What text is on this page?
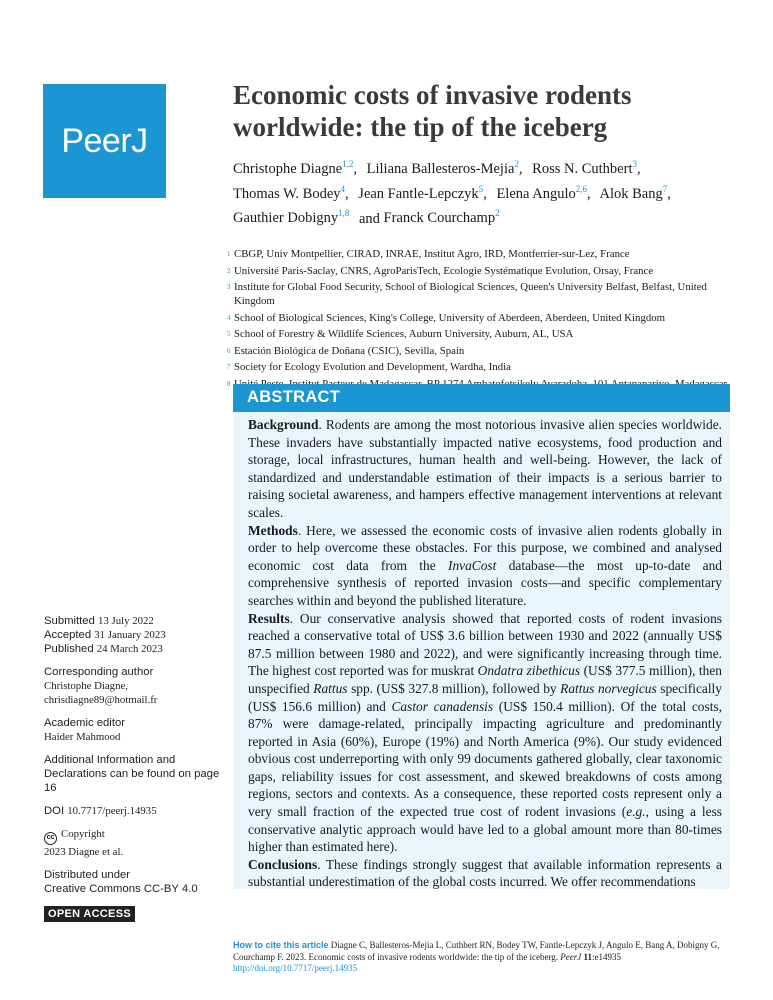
PeerJ
Economic costs of invasive rodents worldwide: the tip of the iceberg
Christophe Diagne$^{1,2}$, Liliana Ballesteros-Mejia$^2$, Ross N. Cuthbert$^3$,
Thomas W. Bodey$^4$, Jean Fantle-Lepczyk$^5$, Elena Angulo$^{2,6}$, Alok Bang$^7$,
Gauthier Dobigny$^{1,8}$ and Franck Courchamp$^2$
1 CBGP, Univ Montpellier, CIRAD, INRAE, Institut Agro, IRD, Montferrier-sur-Lez, France
2 Université Paris-Saclay, CNRS, AgroParisTech, Ecologie Systématique Evolution, Orsay, France
3 Institute for Global Food Security, School of Biological Sciences, Queen's University Belfast, Belfast, United Kingdom
4 School of Biological Sciences, King's College, University of Aberdeen, Aberdeen, United Kingdom
5 School of Forestry & Wildlife Sciences, Auburn University, Auburn, AL, USA
6 Estación Biológica de Doñana (CSIC), Sevilla, Spain
7 Society for Ecology Evolution and Development, Wardha, India
8
ABSTRACT

Background. Rodents are among the most notorious invasive alien species worldwide. These invaders have substantially impacted native ecosystems, food production and storage, local infrastructures, human health and well-being. However, the lack of standardized and understandable estimation of their impacts is a serious barrier to raising societal awareness, and hampers effective management interventions at relevant scales.

Methods. Here, we assessed the economic costs of invasive alien rodents globally in order to help overcome these obstacles. For this purpose, we combined and analysed economic cost data from the InvaCost database—the most up-to-date and comprehensive synthesis of reported invasion costs—and specific complementary searches within and beyond the published literature.

Results. Our conservative analysis showed that reported costs of rodent invasions reached a conservative total of US$ 3.6 billion between 1930 and 2022 (annually US$ 87.5 million between 1980 and 2022), and were significantly increasing through time. The highest cost reported was for muskrat Ondatra zibethicus (US$ 377.5 million), then unspecified Rattus spp. (US$ 327.8 million), followed by Rattus norvegicus specifically (US$ 156.6 million) and Castor canadensis (US$ 150.4 million). Of the total costs, 87% were damage-related, principally impacting agriculture and predominantly reported in Asia (60%), Europe (19%) and North America (9%). Our study evidenced obvious cost underreporting with only 99 documents gathered globally, clear taxonomic gaps, reliability issues for cost assessment, and skewed breakdowns of costs among regions, sectors and contexts. As a consequence, these reported costs represent only a very small fraction of the expected true cost of rodent invasions (e.g., using a less conservative analytic approach would have led to a global amount more than 80-times higher than estimated here).

Conclusions. These findings strongly suggest that available information represents a substantial underestimation of the global costs incurred. We offer recommendations

Submitted 13 July 2022
Accepted 31 January 2023
Published 24 March 2023
Corresponding author
Christophe Diagne,
chrisdiagne89@hotmail.fr
Academic editor
Haider Mahmood
Additional Information and Declarations can be found on page 16
DOI 10.7717/peerj.14935
cc Copyright
2023 Diagne et al.
Distributed under
Creative Commons CC-BY 4.0
OPEN ACCESS
How to cite this article Diagne C, Ballesteros-Mejia L, Cuthbert RN, Bodey TW, Fantle-Lepczyk J, Angulo E, Bang A, Dobigny G, Courchamp F. 2023. Economic costs of invasive rodents worldwide: the tip of the iceberg. PeerJ 11:e14935 http://doi.org/10.7717/peerj.14935
